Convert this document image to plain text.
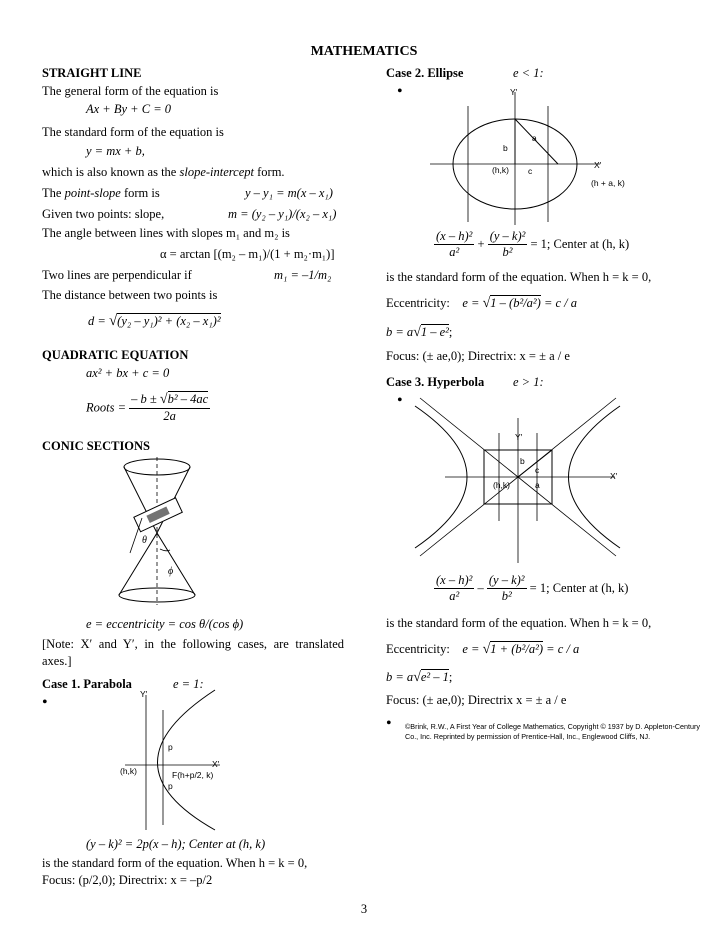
MATHEMATICS
STRAIGHT LINE
The general form of the equation is
Ax + By + C = 0
The standard form of the equation is
y = mx + b,
which is also known as the slope-intercept form.
The point-slope form is	y – y₁ = m(x – x₁)
Given two points: slope,	m = (y₂ – y₁)/(x₂ – x₁)
The angle between lines with slopes m₁ and m₂ is
α = arctan [(m₂ – m₁)/(1 + m₂·m₁)]
Two lines are perpendicular if	m₁ = –1/m₂
The distance between two points is
d = √(y₂ – y₁)² + (x₂ – x₁)²
QUADRATIC EQUATION
ax² + bx + c = 0
Roots = $\frac{\text{– b ± √b² – 4ac}}{2a}$
CONIC SECTIONS
θ
ϕ
e = eccentricity = cos θ/(cos ϕ)
[Note: X′ and Y′, in the following cases, are translated axes.]
Case 1. Parabola	e = 1:
•	Y′
X′
(h,k)
p
p
F(h+p/2, k)
(y – k)² = 2p(x – h); Center at (h, k)
is the standard form of the equation. When h = k = 0,
Focus: (p/2,0); Directrix: x = –p/2
Case 2. Ellipse	e < 1:
•	Y′
X′
(h,k)
a
b
c
(h + a, k)
$\frac{\text{(x – h)²}}{\text{a²}} + \frac{\text{(y – k)²}}{\text{b²}} = 1$; Center at (h, k)
is the standard form of the equation. When h = k = 0,
Eccentricity: e = √1 – (b²/a²) = c / a
b = a√1 – e²;
Focus: (± ae,0); Directrix: x = ± a / e
Case 3. Hyperbola e > 1:
•
Y′
X′
(h,k)
b
c
a
$\frac{\text{(x – h)²}}{\text{a²}} - \frac{\text{(y – k)²}}{\text{b²}} = 1$; Center at (h, k)
is the standard form of the equation. When h = k = 0,
Eccentricity: e = √1 + (b²/a²) = c / a
b = a√e² – 1;
Focus: (± ae,0); Directrix x = ± a / e
• ©Brink, R.W., A First Year of College Mathematics, Copyright © 1937 by D. Appleton-Century
Co., Inc. Reprinted by permission of Prentice-Hall, Inc., Englewood Cliffs, NJ.
3
